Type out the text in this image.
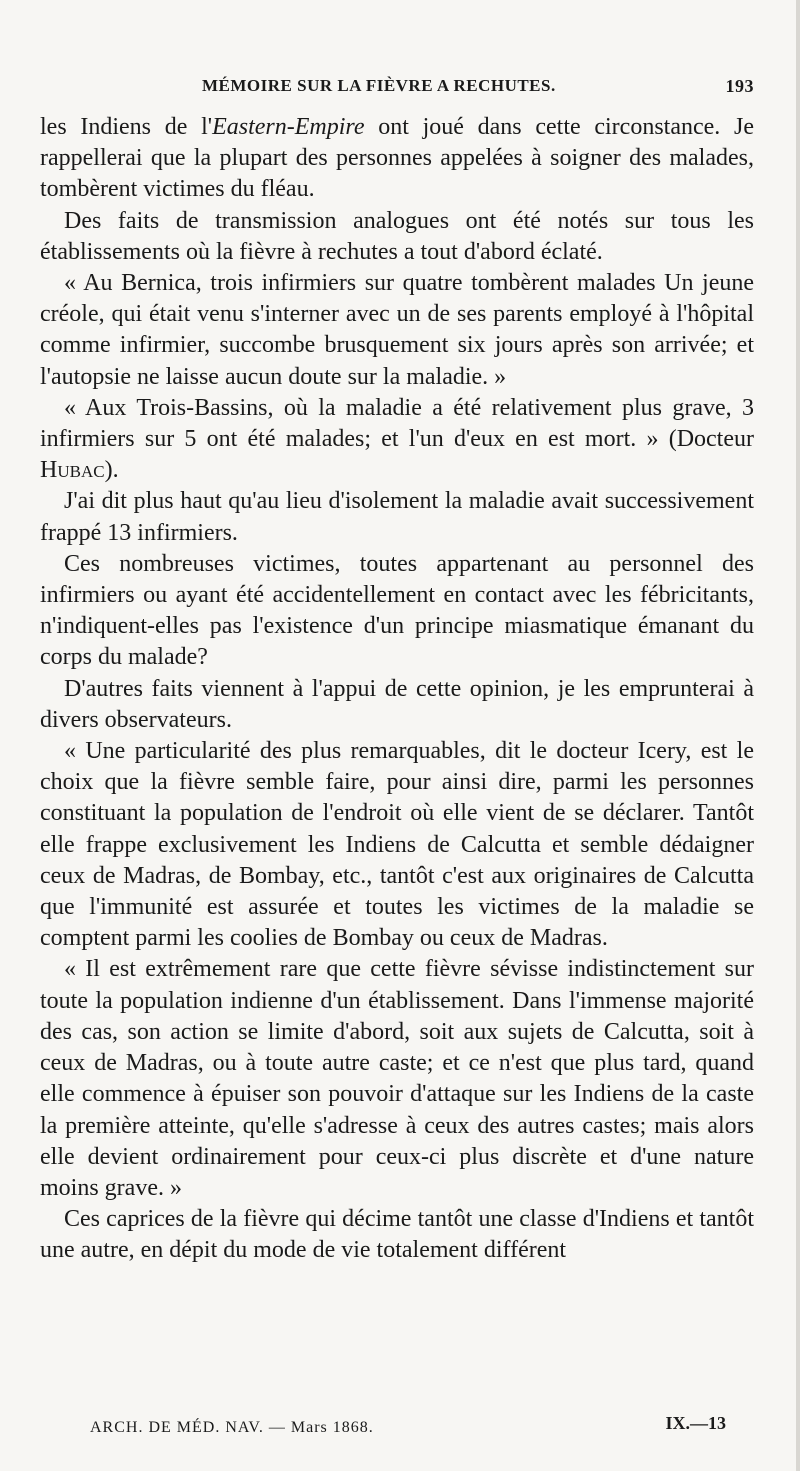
MÉMOIRE SUR LA FIÈVRE A RECHUTES.	193

les Indiens de l'Eastern-Empire ont joué dans cette circonstance. Je rappellerai que la plupart des personnes appelées à soigner des malades, tombèrent victimes du fléau.

Des faits de transmission analogues ont été notés sur tous les établissements où la fièvre à rechutes a tout d'abord éclaté.

« Au Bernica, trois infirmiers sur quatre tombèrent malades Un jeune créole, qui était venu s'interner avec un de ses parents employé à l'hôpital comme infirmier, succombe brusquement six jours après son arrivée; et l'autopsie ne laisse aucun doute sur la maladie. »

« Aux Trois-Bassins, où la maladie a été relativement plus grave, 3 infirmiers sur 5 ont été malades; et l'un d'eux en est mort. » (Docteur Hubac).

J'ai dit plus haut qu'au lieu d'isolement la maladie avait successivement frappé 13 infirmiers.

Ces nombreuses victimes, toutes appartenant au personnel des infirmiers ou ayant été accidentellement en contact avec les fébricitants, n'indiquent-elles pas l'existence d'un principe miasmatique émanant du corps du malade?

D'autres faits viennent à l'appui de cette opinion, je les emprunterai à divers observateurs.

« Une particularité des plus remarquables, dit le docteur Icery, est le choix que la fièvre semble faire, pour ainsi dire, parmi les personnes constituant la population de l'endroit où elle vient de se déclarer. Tantôt elle frappe exclusivement les Indiens de Calcutta et semble dédaigner ceux de Madras, de Bombay, etc., tantôt c'est aux originaires de Calcutta que l'immunité est assurée et toutes les victimes de la maladie se comptent parmi les coolies de Bombay ou ceux de Madras.

« Il est extrêmement rare que cette fièvre sévisse indistinctement sur toute la population indienne d'un établissement. Dans l'immense majorité des cas, son action se limite d'abord, soit aux sujets de Calcutta, soit à ceux de Madras, ou à toute autre caste; et ce n'est que plus tard, quand elle commence à épuiser son pouvoir d'attaque sur les Indiens de la caste la première atteinte, qu'elle s'adresse à ceux des autres castes; mais alors elle devient ordinairement pour ceux-ci plus discrète et d'une nature moins grave. »

Ces caprices de la fièvre qui décime tantôt une classe d'Indiens et tantôt une autre, en dépit du mode de vie totalement différent

ARCH. DE MÉD. NAV. — Mars 1868.	IX.—13
